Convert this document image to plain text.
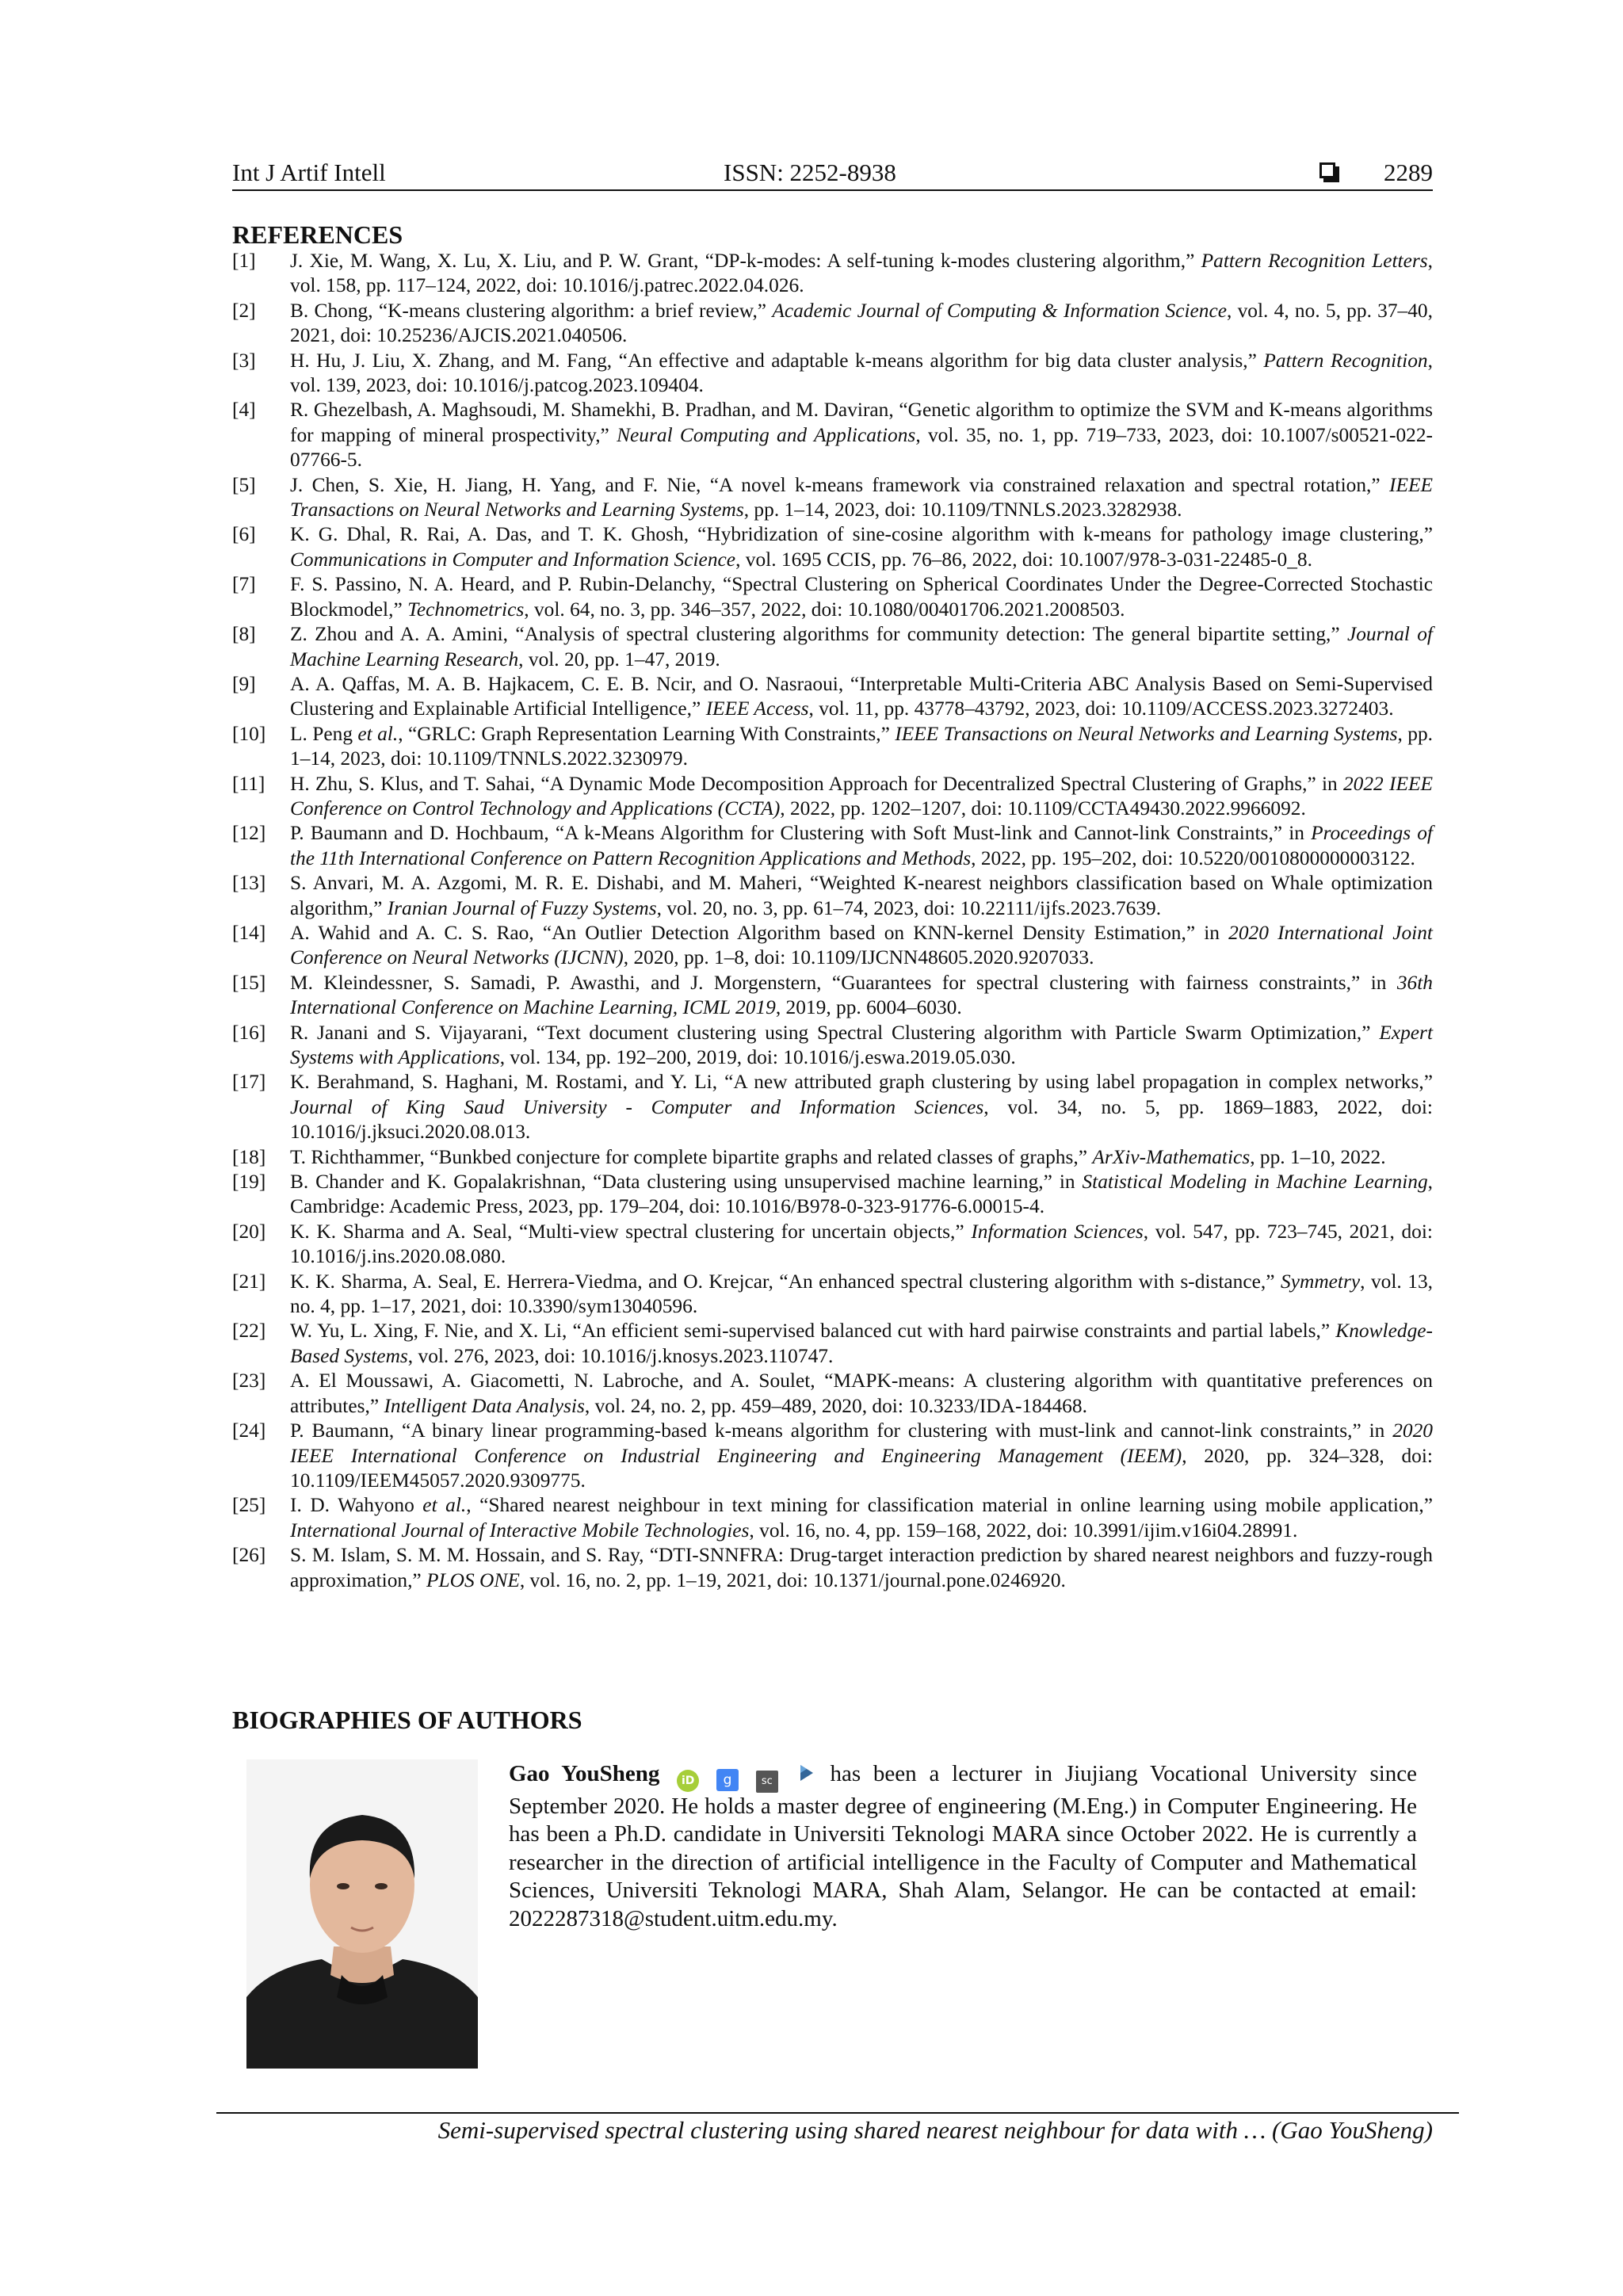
Int J Artif Intell	ISSN: 2252-8938	2289
REFERENCES
[1]	J. Xie, M. Wang, X. Lu, X. Liu, and P. W. Grant, “DP-k-modes: A self-tuning k-modes clustering algorithm,” Pattern Recognition Letters, vol. 158, pp. 117–124, 2022, doi: 10.1016/j.patrec.2022.04.026.
[2]	B. Chong, “K-means clustering algorithm: a brief review,” Academic Journal of Computing & Information Science, vol. 4, no. 5, pp. 37–40, 2021, doi: 10.25236/AJCIS.2021.040506.
[3]	H. Hu, J. Liu, X. Zhang, and M. Fang, “An effective and adaptable k-means algorithm for big data cluster analysis,” Pattern Recognition, vol. 139, 2023, doi: 10.1016/j.patcog.2023.109404.
[4]	R. Ghezelbash, A. Maghsoudi, M. Shamekhi, B. Pradhan, and M. Daviran, “Genetic algorithm to optimize the SVM and K-means algorithms for mapping of mineral prospectivity,” Neural Computing and Applications, vol. 35, no. 1, pp. 719–733, 2023, doi: 10.1007/s00521-022-07766-5.
[5]	J. Chen, S. Xie, H. Jiang, H. Yang, and F. Nie, “A novel k-means framework via constrained relaxation and spectral rotation,” IEEE Transactions on Neural Networks and Learning Systems, pp. 1–14, 2023, doi: 10.1109/TNNLS.2023.3282938.
[6]	K. G. Dhal, R. Rai, A. Das, and T. K. Ghosh, “Hybridization of sine-cosine algorithm with k-means for pathology image clustering,” Communications in Computer and Information Science, vol. 1695 CCIS, pp. 76–86, 2022, doi: 10.1007/978-3-031-22485-0_8.
[7]	F. S. Passino, N. A. Heard, and P. Rubin-Delanchy, “Spectral Clustering on Spherical Coordinates Under the Degree-Corrected Stochastic Blockmodel,” Technometrics, vol. 64, no. 3, pp. 346–357, 2022, doi: 10.1080/00401706.2021.2008503.
[8]	Z. Zhou and A. A. Amini, “Analysis of spectral clustering algorithms for community detection: The general bipartite setting,” Journal of Machine Learning Research, vol. 20, pp. 1–47, 2019.
[9]	A. A. Qaffas, M. A. B. Hajkacem, C. E. B. Ncir, and O. Nasraoui, “Interpretable Multi-Criteria ABC Analysis Based on Semi-Supervised Clustering and Explainable Artificial Intelligence,” IEEE Access, vol. 11, pp. 43778–43792, 2023, doi: 10.1109/ACCESS.2023.3272403.
[10]	L. Peng et al., “GRLC: Graph Representation Learning With Constraints,” IEEE Transactions on Neural Networks and Learning Systems, pp. 1–14, 2023, doi: 10.1109/TNNLS.2022.3230979.
[11]	H. Zhu, S. Klus, and T. Sahai, “A Dynamic Mode Decomposition Approach for Decentralized Spectral Clustering of Graphs,” in 2022 IEEE Conference on Control Technology and Applications (CCTA), 2022, pp. 1202–1207, doi: 10.1109/CCTA49430.2022.9966092.
[12]	P. Baumann and D. Hochbaum, “A k-Means Algorithm for Clustering with Soft Must-link and Cannot-link Constraints,” in Proceedings of the 11th International Conference on Pattern Recognition Applications and Methods, 2022, pp. 195–202, doi: 10.5220/0010800000003122.
[13]	S. Anvari, M. A. Azgomi, M. R. E. Dishabi, and M. Maheri, “Weighted K-nearest neighbors classification based on Whale optimization algorithm,” Iranian Journal of Fuzzy Systems, vol. 20, no. 3, pp. 61–74, 2023, doi: 10.22111/ijfs.2023.7639.
[14]	A. Wahid and A. C. S. Rao, “An Outlier Detection Algorithm based on KNN-kernel Density Estimation,” in 2020 International Joint Conference on Neural Networks (IJCNN), 2020, pp. 1–8, doi: 10.1109/IJCNN48605.2020.9207033.
[15]	M. Kleindessner, S. Samadi, P. Awasthi, and J. Morgenstern, “Guarantees for spectral clustering with fairness constraints,” in 36th International Conference on Machine Learning, ICML 2019, 2019, pp. 6004–6030.
[16]	R. Janani and S. Vijayarani, “Text document clustering using Spectral Clustering algorithm with Particle Swarm Optimization,” Expert Systems with Applications, vol. 134, pp. 192–200, 2019, doi: 10.1016/j.eswa.2019.05.030.
[17]	K. Berahmand, S. Haghani, M. Rostami, and Y. Li, “A new attributed graph clustering by using label propagation in complex networks,” Journal of King Saud University - Computer and Information Sciences, vol. 34, no. 5, pp. 1869–1883, 2022, doi: 10.1016/j.jksuci.2020.08.013.
[18]	T. Richthammer, “Bunkbed conjecture for complete bipartite graphs and related classes of graphs,” ArXiv-Mathematics, pp. 1–10, 2022.
[19]	B. Chander and K. Gopalakrishnan, “Data clustering using unsupervised machine learning,” in Statistical Modeling in Machine Learning, Cambridge: Academic Press, 2023, pp. 179–204, doi: 10.1016/B978-0-323-91776-6.00015-4.
[20]	K. K. Sharma and A. Seal, “Multi-view spectral clustering for uncertain objects,” Information Sciences, vol. 547, pp. 723–745, 2021, doi: 10.1016/j.ins.2020.08.080.
[21]	K. K. Sharma, A. Seal, E. Herrera-Viedma, and O. Krejcar, “An enhanced spectral clustering algorithm with s-distance,” Symmetry, vol. 13, no. 4, pp. 1–17, 2021, doi: 10.3390/sym13040596.
[22]	W. Yu, L. Xing, F. Nie, and X. Li, “An efficient semi-supervised balanced cut with hard pairwise constraints and partial labels,” Knowledge-Based Systems, vol. 276, 2023, doi: 10.1016/j.knosys.2023.110747.
[23]	A. El Moussawi, A. Giacometti, N. Labroche, and A. Soulet, “MAPK-means: A clustering algorithm with quantitative preferences on attributes,” Intelligent Data Analysis, vol. 24, no. 2, pp. 459–489, 2020, doi: 10.3233/IDA-184468.
[24]	P. Baumann, “A binary linear programming-based k-means algorithm for clustering with must-link and cannot-link constraints,” in 2020 IEEE International Conference on Industrial Engineering and Engineering Management (IEEM), 2020, pp. 324–328, doi: 10.1109/IEEM45057.2020.9309775.
[25]	I. D. Wahyono et al., “Shared nearest neighbour in text mining for classification material in online learning using mobile application,” International Journal of Interactive Mobile Technologies, vol. 16, no. 4, pp. 159–168, 2022, doi: 10.3991/ijim.v16i04.28991.
[26]	S. M. Islam, S. M. M. Hossain, and S. Ray, “DTI-SNNFRA: Drug-target interaction prediction by shared nearest neighbors and fuzzy-rough approximation,” PLOS ONE, vol. 16, no. 2, pp. 1–19, 2021, doi: 10.1371/journal.pone.0246920.
BIOGRAPHIES OF AUTHORS
Gao YouSheng iD g	sc	has been a lecturer in Jiujiang Vocational University since September 2020. He holds a master degree of engineering (M.Eng.) in Computer Engineering. He has been a Ph.D. candidate in Universiti Teknologi MARA since October 2022. He is currently a researcher in the direction of artificial intelligence in the Faculty of Computer and Mathematical Sciences, Universiti Teknologi MARA, Shah Alam, Selangor. He can be contacted at email: 2022287318@student.uitm.edu.my.
Semi-supervised spectral clustering using shared nearest neighbour for data with … (Gao YouSheng)
